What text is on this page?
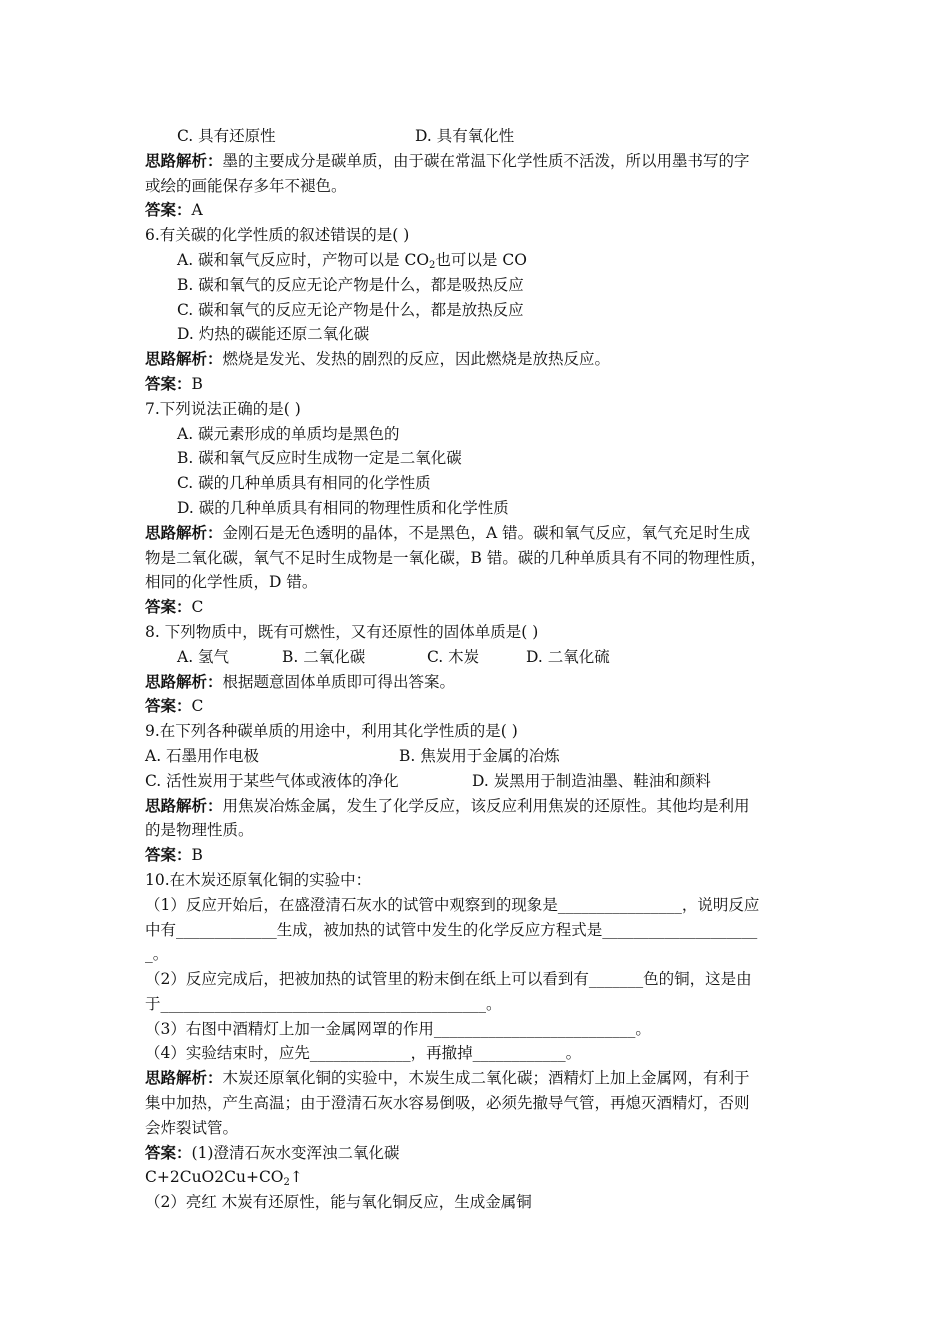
C. 具有还原性	D. 具有氧化性
思路解析：墨的主要成分是碳单质，由于碳在常温下化学性质不活泼，所以用墨书写的字
或绘的画能保存多年不褪色。
答案：A
6.有关碳的化学性质的叙述错误的是( )
A. 碳和氧气反应时，产物可以是 $CO_2$也可以是 CO
B. 碳和氧气的反应无论产物是什么，都是吸热反应
C. 碳和氧气的反应无论产物是什么，都是放热反应
D. 灼热的碳能还原二氧化碳
思路解析：燃烧是发光、发热的剧烈的反应，因此燃烧是放热反应。
答案：B
7.下列说法正确的是( )
A. 碳元素形成的单质均是黑色的
B. 碳和氧气反应时生成物一定是二氧化碳
C. 碳的几种单质具有相同的化学性质
D. 碳的几种单质具有相同的物理性质和化学性质
思路解析：金刚石是无色透明的晶体，不是黑色，A 错。碳和氧气反应，氧气充足时生成
物是二氧化碳，氧气不足时生成物是一氧化碳，B 错。碳的几种单质具有不同的物理性质，
相同的化学性质，D 错。
答案：C
8. 下列物质中，既有可燃性，又有还原性的固体单质是( )
A. 氢气	B. 二氧化碳	C. 木炭	D. 二氧化硫
思路解析：根据题意固体单质即可得出答案。
答案：C
9.在下列各种碳单质的用途中，利用其化学性质的是( )
A. 石墨用作电极	B. 焦炭用于金属的冶炼
C. 活性炭用于某些气体或液体的净化	D. 炭黑用于制造油墨、鞋油和颜料
思路解析：用焦炭冶炼金属，发生了化学反应，该反应利用焦炭的还原性。其他均是利用
的是物理性质。
答案：B
10.在木炭还原氧化铜的实验中：
（1）反应开始后，在盛澄清石灰水的试管中观察到的现象是________________，说明反应
中有_____________生成，被加热的试管中发生的化学反应方程式是____________________
_。
（2）反应完成后，把被加热的试管里的粉末倒在纸上可以看到有_______色的铜，这是由
于__________________________________________。
（3）右图中酒精灯上加一金属网罩的作用__________________________。
（4）实验结束时，应先_____________，再撤掉____________。
思路解析：木炭还原氧化铜的实验中，木炭生成二氧化碳；酒精灯上加上金属网，有利于
集中加热，产生高温；由于澄清石灰水容易倒吸，必须先撤导气管，再熄灭酒精灯，否则
会炸裂试管。
答案：(1)澄清石灰水变浑浊二氧化碳
$C+2CuO2Cu+CO_2↑$
（2）亮红 木炭有还原性，能与氧化铜反应，生成金属铜
